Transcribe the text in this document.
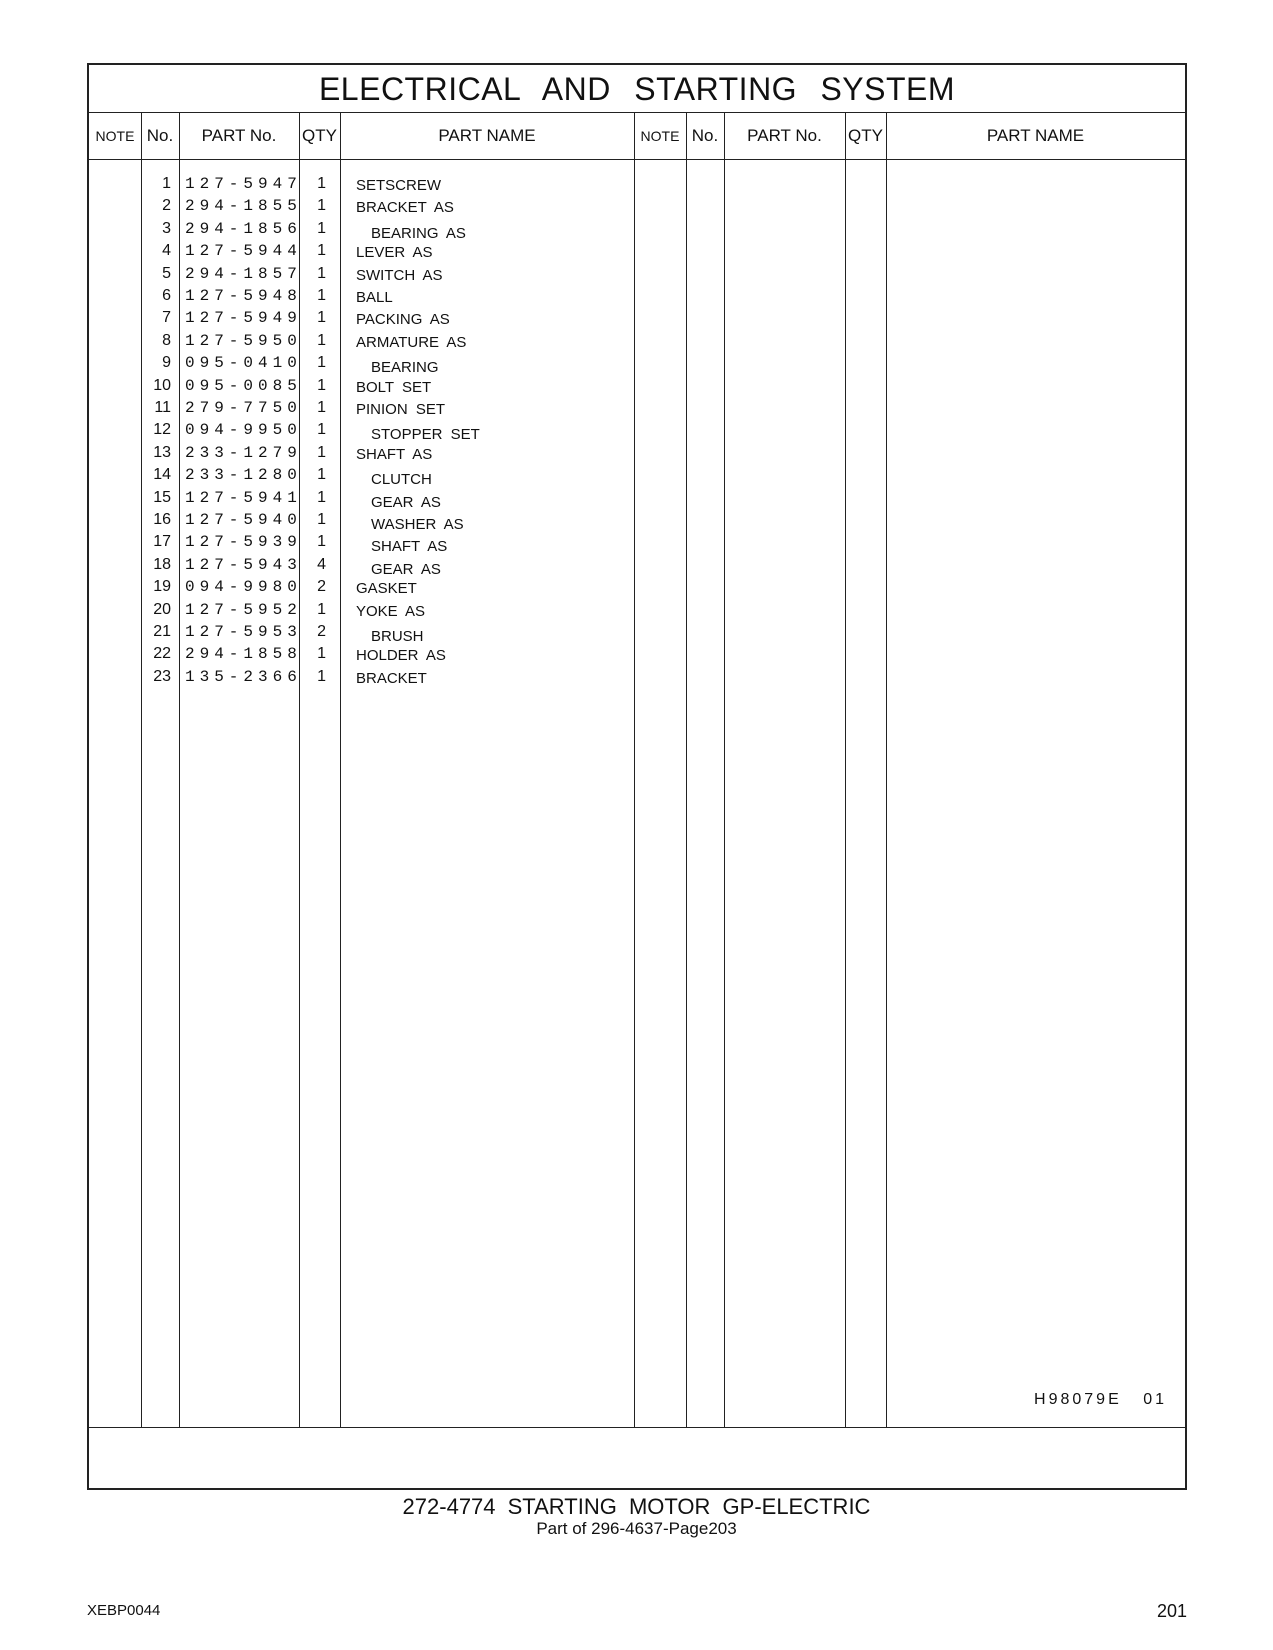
ELECTRICAL AND STARTING SYSTEM
NOTE No.	PART No.	QTY	PART NAME	NOTE No.	PART No.	QTY	PART NAME
1 127-5947 1 SETSCREW
2 294-1855 1 BRACKET AS
3 294-1856 1	BEARING AS
4 127-5944 1 LEVER AS
5 294-1857 1 SWITCH AS
6 127-5948 1 BALL
7 127-5949 1 PACKING AS
8 127-5950 1 ARMATURE AS
9 095-0410 1	BEARING
10 095-0085 1 BOLT SET
11 279-7750 1 PINION SET
12 094-9950 1	STOPPER SET
13 233-1279 1 SHAFT AS
14 233-1280 1	CLUTCH
15 127-5941 1	GEAR AS
16 127-5940 1	WASHER AS
17 127-5939 1	SHAFT AS
18 127-5943 4	GEAR AS
19 094-9980 2 GASKET
20 127-5952 1 YOKE AS
21 127-5953 2	BRUSH
22 294-1858 1 HOLDER AS
23 135-2366 1 BRACKET
H98079E 01
272-4774 STARTING MOTOR GP-ELECTRIC
Part of 296-4637-Page203
XEBP0044	201
